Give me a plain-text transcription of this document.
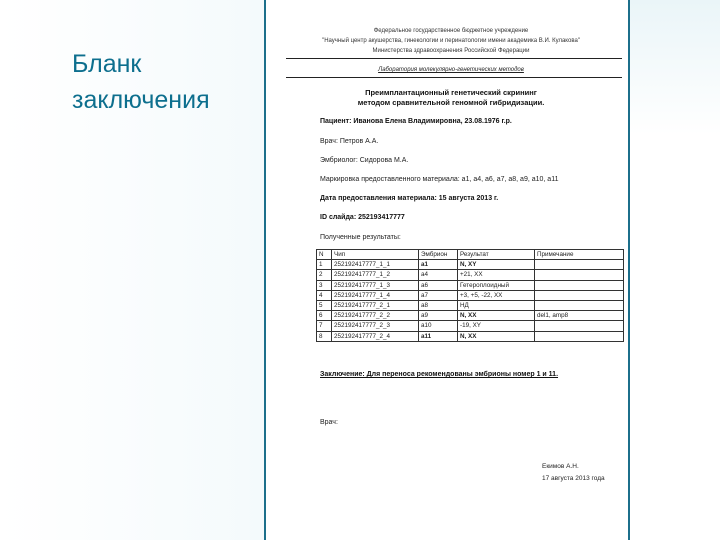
Бланк заключения
Федеральное государственное бюджетное учреждение
"Научный центр акушерства, гинекологии и перинатологии имени академика В.И. Кулакова"
Министерства здравоохранения Российской Федерации
Лаборатория молекулярно-генетических методов
Преимплантационный генетический скрининг
методом сравнительной геномной гибридизации.
Пациент: Иванова Елена Владимировна, 23.08.1976 г.р.
Врач: Петров А.А.
Эмбриолог: Сидорова М.А.
Маркировка предоставленного материала: а1, а4, а6, а7, а8, а9, а10, а11
Дата предоставления материала: 15 августа 2013 г.
ID слайда: 252193417777
Полученные результаты:
N	Чип	Эмбрион	Результат	Примечание
1	252192417777_1_1	а1	N, XY	
2	252192417777_1_2	а4	+21, XX	
3	252192417777_1_3	а6	Гетероплоидный	
4	252192417777_1_4	а7	+3, +5, -22, XX	
5	252192417777_2_1	а8	НД	
6	252192417777_2_2	а9	N, XX	del1, amp8
7	252192417777_2_3	а10	-19, XY	
8	252192417777_2_4	а11	N, XX	
Заключение: Для переноса рекомендованы эмбрионы номер 1 и 11.
Врач:
Екимов А.Н.
17 августа 2013 года
